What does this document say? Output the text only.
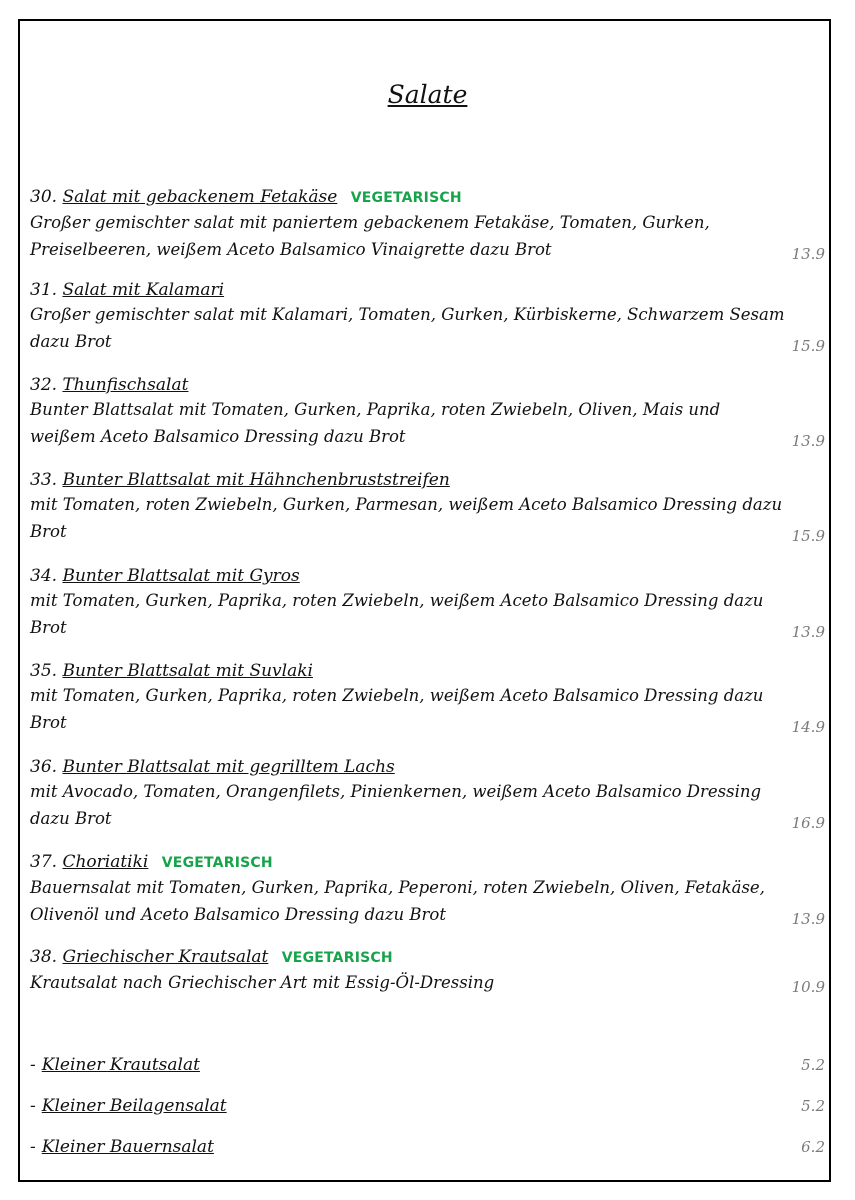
Salate
30. Salat mit gebackenem Fetakäse VEGETARISCH
Großer gemischter salat mit paniertem gebackenem Fetakäse, Tomaten, Gurken, Preiselbeeren, weißem Aceto Balsamico Vinaigrette dazu Brot	13.9
31. Salat mit Kalamari
Großer gemischter salat mit Kalamari, Tomaten, Gurken, Kürbiskerne, Schwarzem Sesam dazu Brot	15.9
32. Thunfischsalat
Bunter Blattsalat mit Tomaten, Gurken, Paprika, roten Zwiebeln, Oliven, Mais und weißem Aceto Balsamico Dressing dazu Brot	13.9
33. Bunter Blattsalat mit Hähnchenbruststreifen
mit Tomaten, roten Zwiebeln, Gurken, Parmesan, weißem Aceto Balsamico Dressing dazu Brot	15.9
34. Bunter Blattsalat mit Gyros
mit Tomaten, Gurken, Paprika, roten Zwiebeln, weißem Aceto Balsamico Dressing dazu Brot	13.9
35. Bunter Blattsalat mit Suvlaki
mit Tomaten, Gurken, Paprika, roten Zwiebeln, weißem Aceto Balsamico Dressing dazu Brot	14.9
36. Bunter Blattsalat mit gegrilltem Lachs
mit Avocado, Tomaten, Orangenfilets, Pinienkernen, weißem Aceto Balsamico Dressing dazu Brot	16.9
37. Choriatiki VEGETARISCH
Bauernsalat mit Tomaten, Gurken, Paprika, Peperoni, roten Zwiebeln, Oliven, Fetakäse, Olivenöl und Aceto Balsamico Dressing dazu Brot	13.9
38. Griechischer Krautsalat VEGETARISCH
Krautsalat nach Griechischer Art mit Essig-Öl-Dressing	10.9
- Kleiner Krautsalat	5.2
- Kleiner Beilagensalat	5.2
- Kleiner Bauernsalat	6.2
